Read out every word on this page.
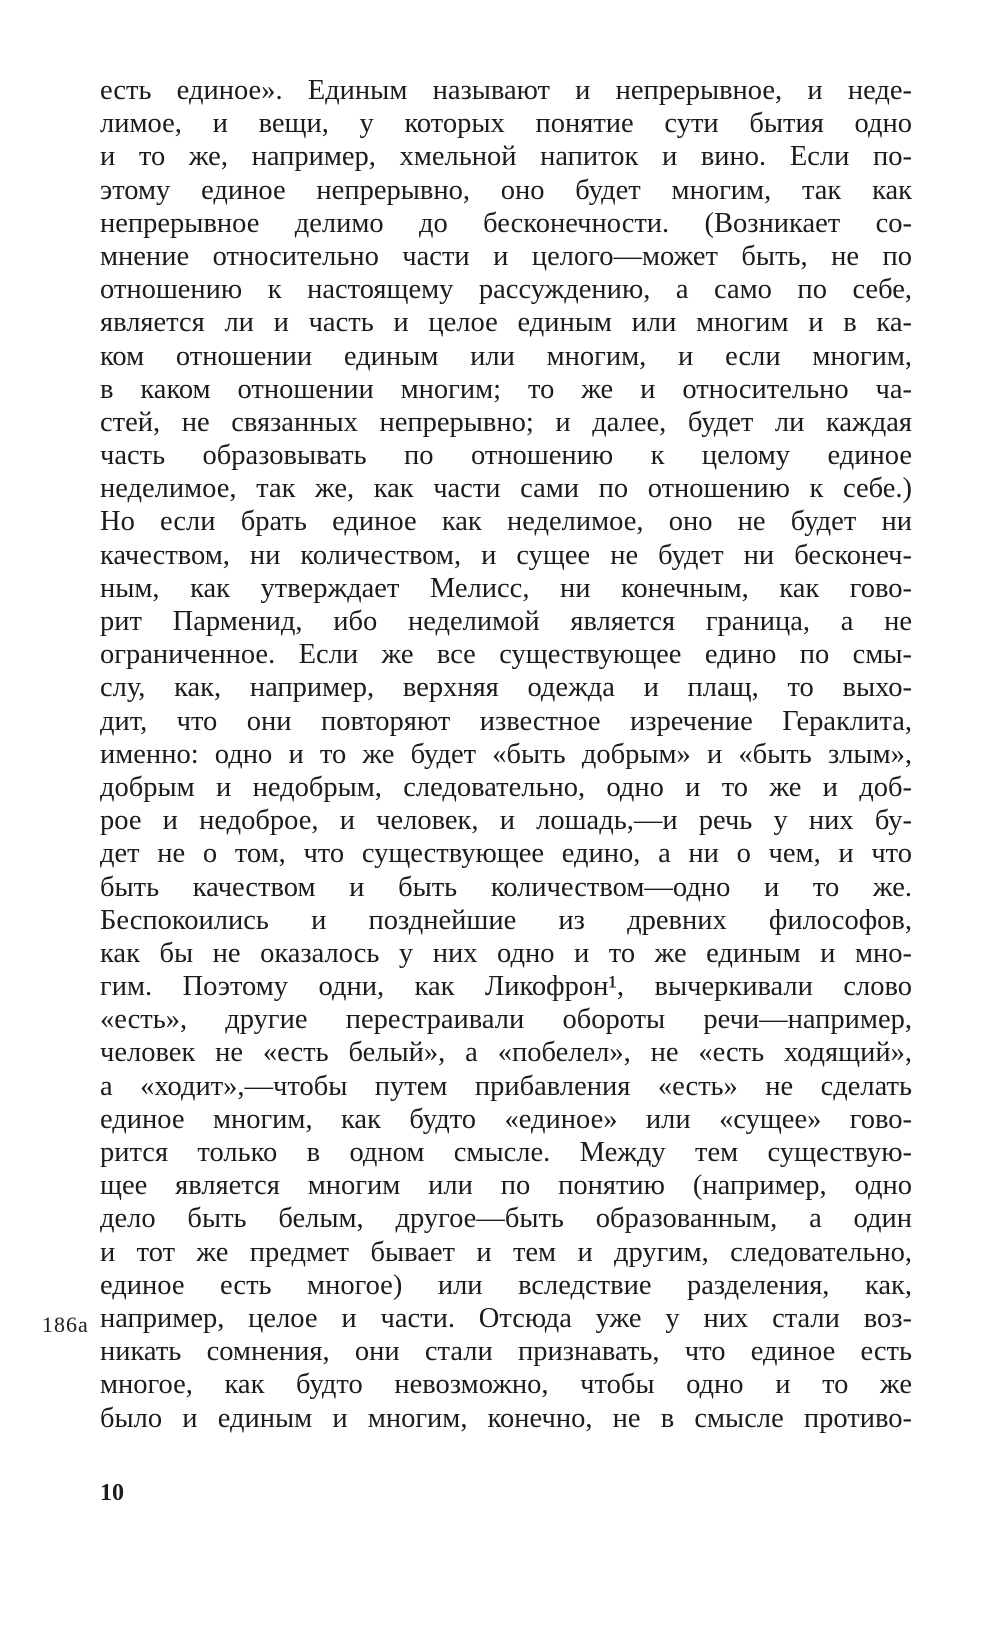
есть единое». Единым называют и непрерывное, и неде-
лимое, и вещи, у которых понятие сути бытия одно
и то же, например, хмельной напиток и вино. Если по-
этому единое непрерывно, оно будет многим, так как
непрерывное делимо до бесконечности. (Возникает со-
мнение относительно части и целого—может быть, не по
отношению к настоящему рассуждению, а само по себе,
является ли и часть и целое единым или многим и в ка-
ком отношении единым или многим, и если многим,
в каком отношении многим; то же и относительно ча-
стей, не связанных непрерывно; и далее, будет ли каждая
часть образовывать по отношению к целому единое
неделимое, так же, как части сами по отношению к себе.)
Но если брать единое как неделимое, оно не будет ни
качеством, ни количеством, и сущее не будет ни бесконеч-
ным, как утверждает Мелисс, ни конечным, как гово-
рит Парменид, ибо неделимой является граница, а не
ограниченное. Если же все существующее едино по смы-
слу, как, например, верхняя одежда и плащ, то выхо-
дит, что они повторяют известное изречение Гераклита,
именно: одно и то же будет «быть добрым» и «быть злым»,
добрым и недобрым, следовательно, одно и то же и доб-
рое и недоброе, и человек, и лошадь,—и речь у них бу-
дет не о том, что существующее едино, а ни о чем, и что
быть качеством и быть количеством—одно и то же.
Беспокоились и позднейшие из древних философов,
как бы не оказалось у них одно и то же единым и мно-
гим. Поэтому одни, как Ликофрон¹, вычеркивали слово
«есть», другие перестраивали обороты речи—например,
человек не «есть белый», а «побелел», не «есть ходящий»,
а «ходит»,—чтобы путем прибавления «есть» не сделать
единое многим, как будто «единое» или «сущее» гово-
рится только в одном смысле. Между тем существую-
щее является многим или по понятию (например, одно
дело быть белым, другое—быть образованным, а один
и тот же предмет бывает и тем и другим, следовательно,
единое есть многое) или вследствие разделения, как,
например, целое и части. Отсюда уже у них стали воз-
никать сомнения, они стали признавать, что единое есть
многое, как будто невозможно, чтобы одно и то же
было и единым и многим, конечно, не в смысле противо-
186а
10
